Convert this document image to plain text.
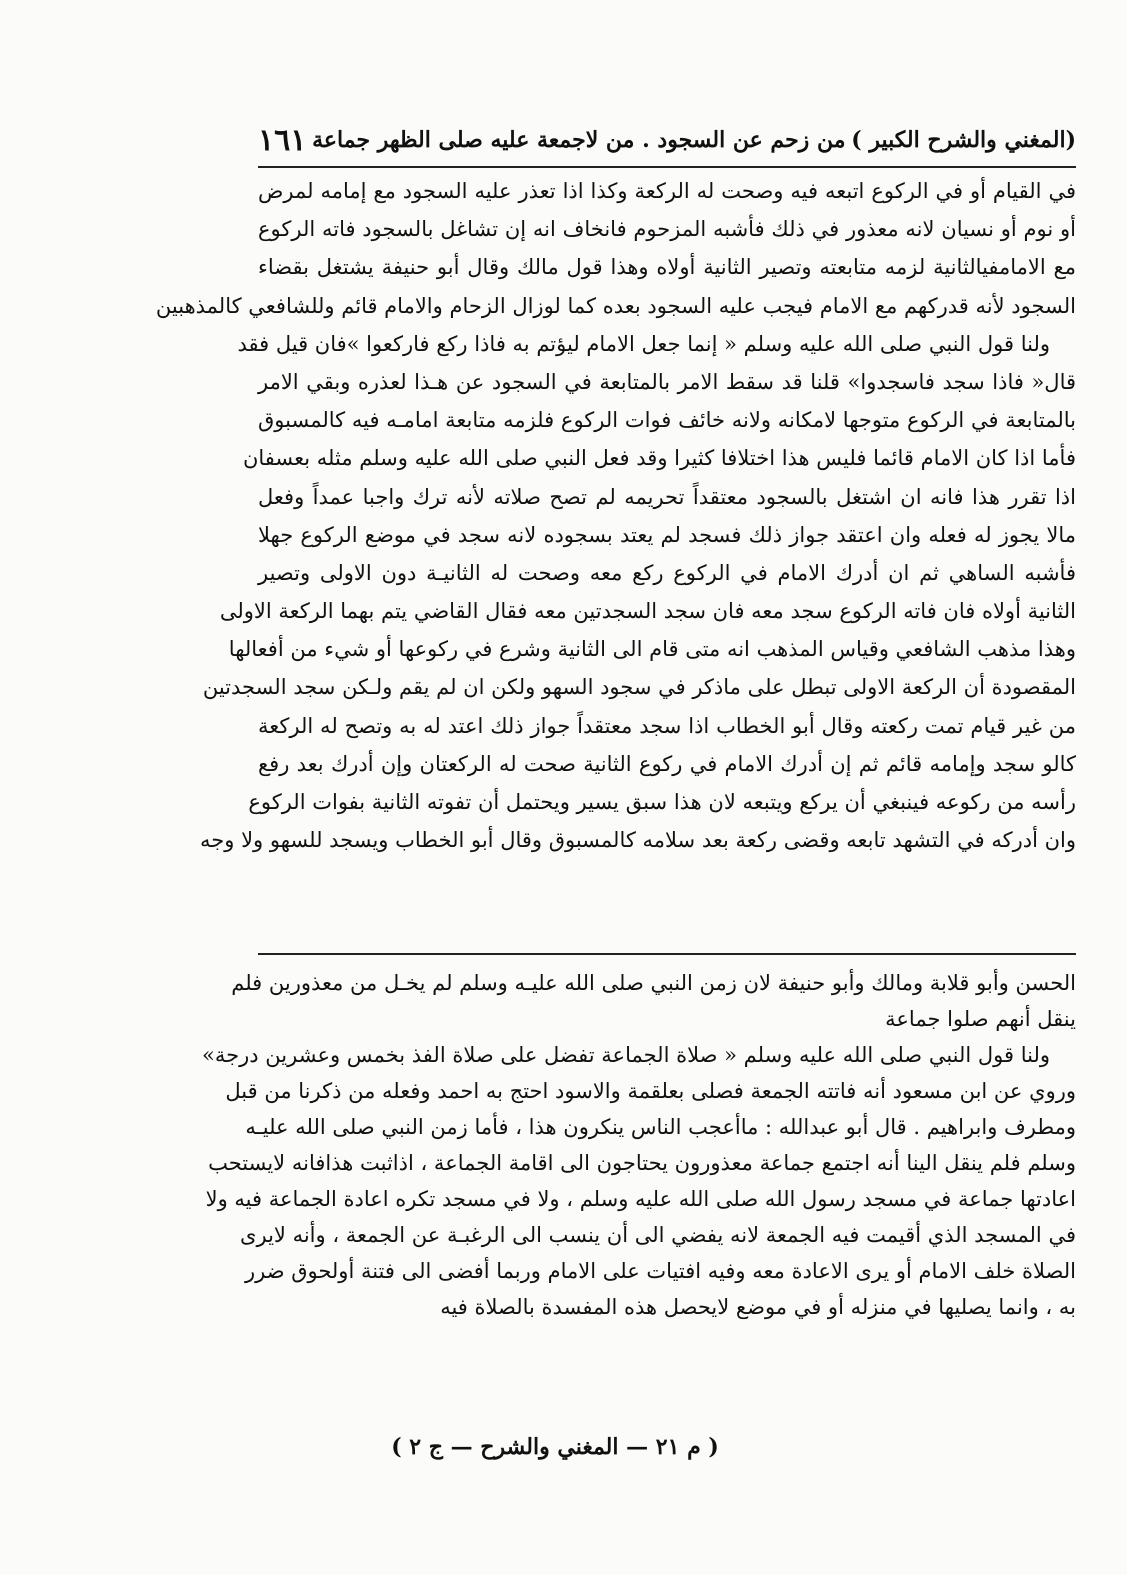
(المغني والشرح الكبير )
من زحم عن السجود . من لاجمعة عليه صلى الظهر جماعة
١٦١
في القيام أو في الركوع اتبعه فيه وصحت له الركعة وكذا اذا تعذر عليه السجود مع إمامه لمرض
أو نوم أو نسيان لانه معذور في ذلك فأشبه المزحوم فانخاف انه إن تشاغل بالسجود فاته الركوع
مع الامامفيالثانية لزمه متابعته وتصير الثانية أولاه وهذا قول مالك وقال أبو حنيفة يشتغل بقضاء
السجود لأنه قدركهم مع الامام فيجب عليه السجود بعده كما لوزال الزحام والامام قائم وللشافعي كالمذهبين
ولنا قول النبي صلى الله عليه وسلم « إنما جعل الامام ليؤتم به فاذا ركع فاركعوا »فان قيل فقد
قال« فاذا سجد فاسجدوا» قلنا قد سقط الامر بالمتابعة في السجود عن هـذا لعذره وبقي الامر
بالمتابعة في الركوع متوجها لامكانه ولانه خائف فوات الركوع فلزمه متابعة امامـه فيه كالمسبوق
فأما اذا كان الامام قائما فليس هذا اختلافا كثيرا وقد فعل النبي صلى الله عليه وسلم مثله بعسفان
اذا تقرر هذا فانه ان اشتغل بالسجود معتقداً تحريمه لم تصح صلاته لأنه ترك واجبا عمداً وفعل
مالا يجوز له فعله وان اعتقد جواز ذلك فسجد لم يعتد بسجوده لانه سجد في موضع الركوع جهلا
فأشبه الساهي ثم ان أدرك الامام في الركوع ركع معه وصحت له الثانيـة دون الاولى وتصير
الثانية أولاه فان فاته الركوع سجد معه فان سجد السجدتين معه فقال القاضي يتم بهما الركعة الاولى
وهذا مذهب الشافعي وقياس المذهب انه متى قام الى الثانية وشرع في ركوعها أو شيء من أفعالها
المقصودة أن الركعة الاولى تبطل على ماذكر في سجود السهو ولكن ان لم يقم ولـكن سجد السجدتين
من غير قيام تمت ركعته وقال أبو الخطاب اذا سجد معتقداً جواز ذلك اعتد له به وتصح له الركعة
كالو سجد وإمامه قائم ثم إن أدرك الامام في ركوع الثانية صحت له الركعتان وإن أدرك بعد رفع
رأسه من ركوعه فينبغي أن يركع ويتبعه لان هذا سبق يسير ويحتمل أن تفوته الثانية بفوات الركوع
وان أدركه في التشهد تابعه وقضى ركعة بعد سلامه كالمسبوق وقال أبو الخطاب ويسجد للسهو ولا وجه
الحسن وأبو قلابة ومالك وأبو حنيفة لان زمن النبي صلى الله عليـه وسلم لم يخـل من معذورين فلم
ينقل أنهم صلوا جماعة
ولنا قول النبي صلى الله عليه وسلم « صلاة الجماعة تفضل على صلاة الفذ بخمس وعشرين درجة»
وروي عن ابن مسعود أنه فاتته الجمعة فصلى بعلقمة والاسود احتج به احمد وفعله من ذكرنا من قبل
ومطرف وابراهيم . قال أبو عبدالله : ماأعجب الناس ينكرون هذا ، فأما زمن النبي صلى الله عليـه
وسلم فلم ينقل الينا أنه اجتمع جماعة معذورون يحتاجون الى اقامة الجماعة ، اذاثبت هذافانه لايستحب
اعادتها جماعة في مسجد رسول الله صلى الله عليه وسلم ، ولا في مسجد تكره اعادة الجماعة فيه ولا
في المسجد الذي أقيمت فيه الجمعة لانه يفضي الى أن ينسب الى الرغبـة عن الجمعة ، وأنه لايرى
الصلاة خلف الامام أو يرى الاعادة معه وفيه افتيات على الامام وربما أفضى الى فتنة أولحوق ضرر
به ، وانما يصليها في منزله أو في موضع لايحصل هذه المفسدة بالصلاة فيه
( م ٢١ — المغني والشرح — ج ٢ )
